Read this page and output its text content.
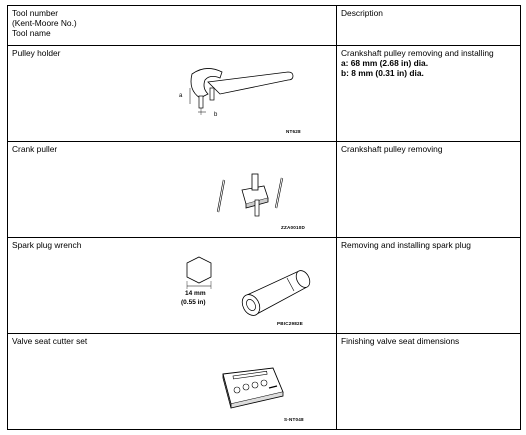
Tool number
(Kent-Moore No.)
Tool name	Description

Pulley holder
a
b
NT628	Crankshaft pulley removing and installing
a: 68 mm (2.68 in) dia.
b: 8 mm (0.31 in) dia.

Crank puller
ZZA0010D	Crankshaft pulley removing

Spark plug wrench
14 mm
(0.55 in)
PBIC2982E	Removing and installing spark plug

Valve seat cutter set
S-NT048	Finishing valve seat dimensions
